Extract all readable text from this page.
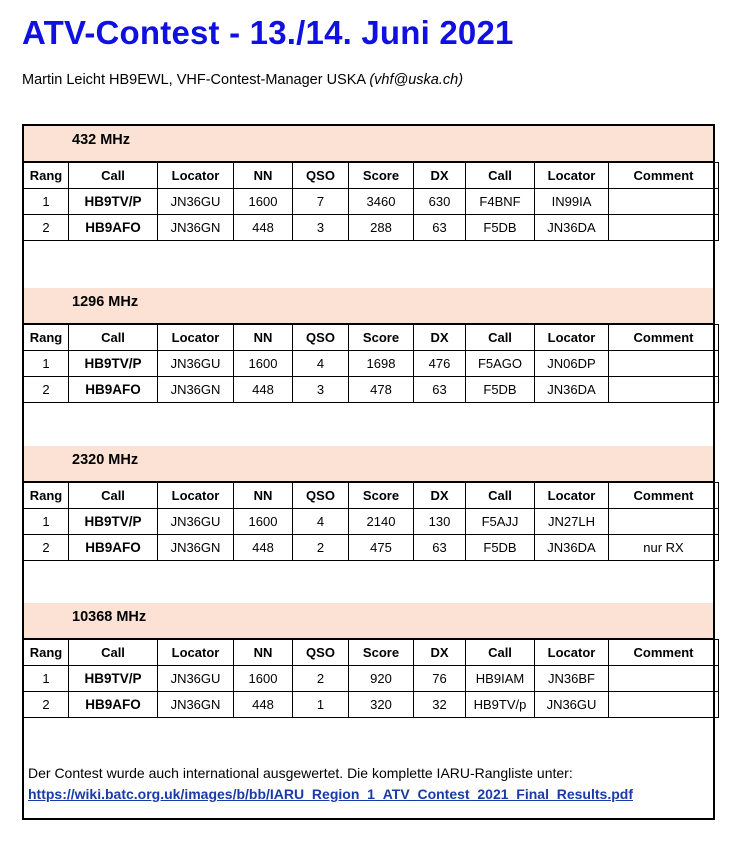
ATV-Contest - 13./14. Juni 2021
Martin Leicht HB9EWL, VHF-Contest-Manager USKA (vhf@uska.ch)
432 MHz
Rang	Call	Locator	NN	QSO	Score	DX	Call	Locator	Comment
1	HB9TV/P	JN36GU	1600	7	3460	630	F4BNF	IN99IA	
2	HB9AFO	JN36GN	448	3	288	63	F5DB	JN36DA	
1296 MHz
Rang	Call	Locator	NN	QSO	Score	DX	Call	Locator	Comment
1	HB9TV/P	JN36GU	1600	4	1698	476	F5AGO	JN06DP	
2	HB9AFO	JN36GN	448	3	478	63	F5DB	JN36DA	
2320 MHz
Rang	Call	Locator	NN	QSO	Score	DX	Call	Locator	Comment
1	HB9TV/P	JN36GU	1600	4	2140	130	F5AJJ	JN27LH	
2	HB9AFO	JN36GN	448	2	475	63	F5DB	JN36DA	nur RX
10368 MHz
Rang	Call	Locator	NN	QSO	Score	DX	Call	Locator	Comment
1	HB9TV/P	JN36GU	1600	2	920	76	HB9IAM	JN36BF	
2	HB9AFO	JN36GN	448	1	320	32	HB9TV/p	JN36GU	
Der Contest wurde auch international ausgewertet. Die komplette IARU-Rangliste unter:
https://wiki.batc.org.uk/images/b/bb/IARU_Region_1_ATV_Contest_2021_Final_Results.pdf
